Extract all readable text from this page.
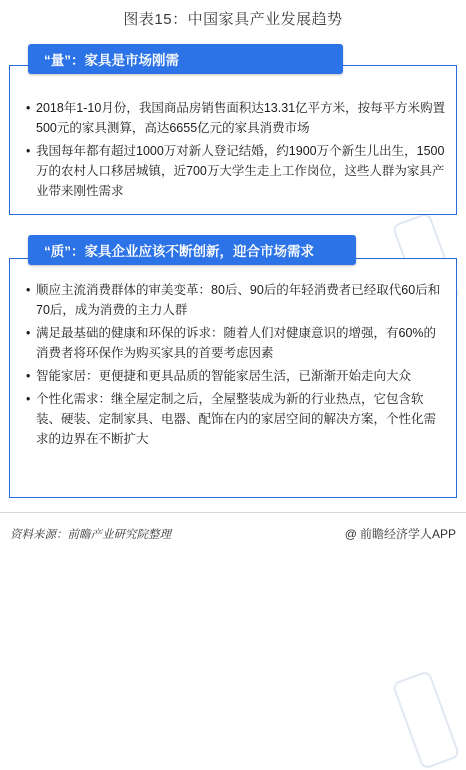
图表15：中国家具产业发展趋势
• 2018年1-10月份，我国商品房销售面积达13.31亿平方米，按每平方米购置500元的家具测算，高达6655亿元的家具消费市场
• 我国每年都有超过1000万对新人登记结婚，约1900万个新生儿出生，1500万的农村人口移居城镇，近700万大学生走上工作岗位，这些人群为家具产业带来刚性需求
“量”：家具是市场刚需
• 顺应主流消费群体的审美变革：80后、90后的年轻消费者已经取代60后和70后，成为消费的主力人群
• 满足最基础的健康和环保的诉求：随着人们对健康意识的增强，有60%的消费者将环保作为购买家具的首要考虑因素
• 智能家居：更便捷和更具品质的智能家居生活，已渐渐开始走向大众
• 个性化需求：继全屋定制之后，全屋整装成为新的行业热点，它包含软装、硬装、定制家具、电器、配饰在内的家居空间的解决方案，个性化需求的边界在不断扩大
“质”：家具企业应该不断创新，迎合市场需求
资料来源：前瞻产业研究院整理	@ 前瞻经济学人APP
